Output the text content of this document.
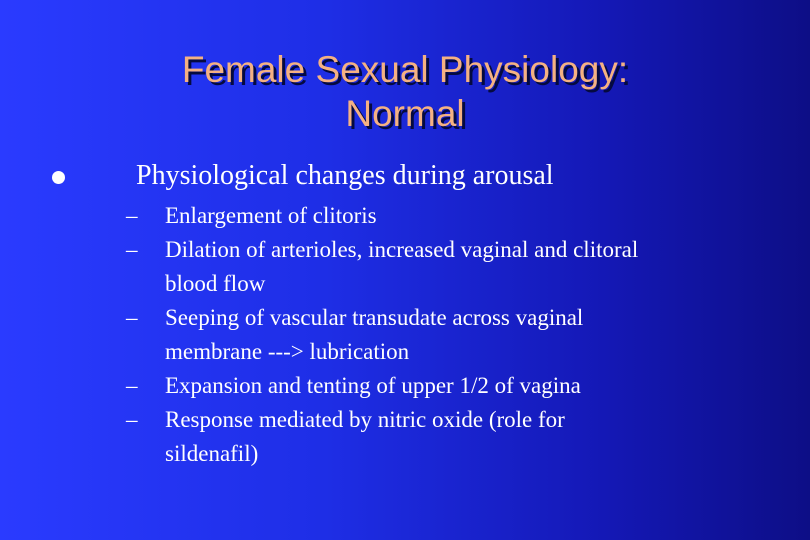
Female Sexual Physiology:
Normal
Physiological changes during arousal
– Enlargement of clitoris
– Dilation of arterioles, increased vaginal and clitoral
blood flow
– Seeping of vascular transudate across vaginal
membrane ---> lubrication
– Expansion and tenting of upper 1/2 of vagina
– Response mediated by nitric oxide (role for
sildenafil)
